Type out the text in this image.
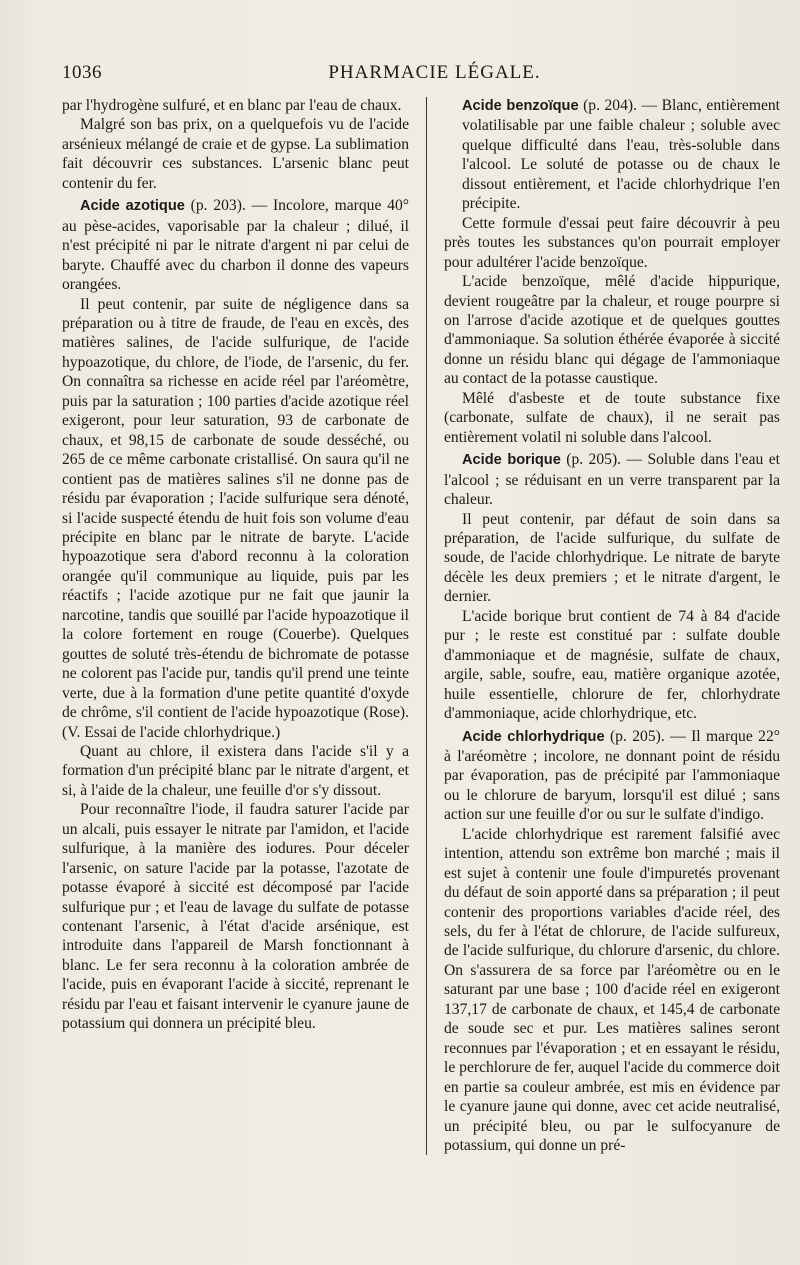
1036	PHARMACIE LÉGALE.

par l'hydrogène sulfuré, et en blanc par l'eau de chaux.

Malgré son bas prix, on a quelquefois vu de l'acide arsénieux mélangé de craie et de gypse. La sublimation fait découvrir ces substances. L'arsenic blanc peut contenir du fer.

Acide azotique (p. 203). — Incolore, marque 40° au pèse-acides, vaporisable par la chaleur ; dilué, il n'est précipité ni par le nitrate d'argent ni par celui de baryte. Chauffé avec du charbon il donne des vapeurs orangées.

Il peut contenir, par suite de négligence dans sa préparation ou à titre de fraude, de l'eau en excès, des matières salines, de l'acide sulfurique, de l'acide hypoazotique, du chlore, de l'iode, de l'arsenic, du fer. On connaîtra sa richesse en acide réel par l'aréomètre, puis par la saturation ; 100 parties d'acide azotique réel exigeront, pour leur saturation, 93 de carbonate de chaux, et 98,15 de carbonate de soude desséché, ou 265 de ce même carbonate cristallisé. On saura qu'il ne contient pas de matières salines s'il ne donne pas de résidu par évaporation ; l'acide sulfurique sera dénoté, si l'acide suspecté étendu de huit fois son volume d'eau précipite en blanc par le nitrate de baryte. L'acide hypoazotique sera d'abord reconnu à la coloration orangée qu'il communique au liquide, puis par les réactifs ; l'acide azotique pur ne fait que jaunir la narcotine, tandis que souillé par l'acide hypoazotique il la colore fortement en rouge (Couerbe). Quelques gouttes de soluté très-étendu de bichromate de potasse ne colorent pas l'acide pur, tandis qu'il prend une teinte verte, due à la formation d'une petite quantité d'oxyde de chrôme, s'il contient de l'acide hypoazotique (Rose). (V. Essai de l'acide chlorhydrique.)

Quant au chlore, il existera dans l'acide s'il y a formation d'un précipité blanc par le nitrate d'argent, et si, à l'aide de la chaleur, une feuille d'or s'y dissout.

Pour reconnaître l'iode, il faudra saturer l'acide par un alcali, puis essayer le nitrate par l'amidon, et l'acide sulfurique, à la manière des iodures. Pour déceler l'arsenic, on sature l'acide par la potasse, l'azotate de potasse évaporé à siccité est décomposé par l'acide sulfurique pur ; et l'eau de lavage du sulfate de potasse contenant l'arsenic, à l'état d'acide arsénique, est introduite dans l'appareil de Marsh fonctionnant à blanc. Le fer sera reconnu à la coloration ambrée de l'acide, puis en évaporant l'acide à siccité, reprenant le résidu par l'eau et faisant intervenir le cyanure jaune de potassium qui donnera un précipité bleu.

Acide benzoïque (p. 204). — Blanc, entièrement volatilisable par une faible chaleur ; soluble avec quelque difficulté dans l'eau, très-soluble dans l'alcool. Le soluté de potasse ou de chaux le dissout entièrement, et l'acide chlorhydrique l'en précipite.

Cette formule d'essai peut faire découvrir à peu près toutes les substances qu'on pourrait employer pour adultérer l'acide benzoïque.

L'acide benzoïque, mêlé d'acide hippurique, devient rougeâtre par la chaleur, et rouge pourpre si on l'arrose d'acide azotique et de quelques gouttes d'ammoniaque. Sa solution éthérée évaporée à siccité donne un résidu blanc qui dégage de l'ammoniaque au contact de la potasse caustique.

Mêlé d'asbeste et de toute substance fixe (carbonate, sulfate de chaux), il ne serait pas entièrement volatil ni soluble dans l'alcool.

Acide borique (p. 205). — Soluble dans l'eau et l'alcool ; se réduisant en un verre transparent par la chaleur.

Il peut contenir, par défaut de soin dans sa préparation, de l'acide sulfurique, du sulfate de soude, de l'acide chlorhydrique. Le nitrate de baryte décèle les deux premiers ; et le nitrate d'argent, le dernier.

L'acide borique brut contient de 74 à 84 d'acide pur ; le reste est constitué par : sulfate double d'ammoniaque et de magnésie, sulfate de chaux, argile, sable, soufre, eau, matière organique azotée, huile essentielle, chlorure de fer, chlorhydrate d'ammoniaque, acide chlorhydrique, etc.

Acide chlorhydrique (p. 205). — Il marque 22° à l'aréomètre ; incolore, ne donnant point de résidu par évaporation, pas de précipité par l'ammoniaque ou le chlorure de baryum, lorsqu'il est dilué ; sans action sur une feuille d'or ou sur le sulfate d'indigo.

L'acide chlorhydrique est rarement falsifié avec intention, attendu son extrême bon marché ; mais il est sujet à contenir une foule d'impuretés provenant du défaut de soin apporté dans sa préparation ; il peut contenir des proportions variables d'acide réel, des sels, du fer à l'état de chlorure, de l'acide sulfureux, de l'acide sulfurique, du chlorure d'arsenic, du chlore. On s'assurera de sa force par l'aréomètre ou en le saturant par une base ; 100 d'acide réel en exigeront 137,17 de carbonate de chaux, et 145,4 de carbonate de soude sec et pur. Les matières salines seront reconnues par l'évaporation ; et en essayant le résidu, le perchlorure de fer, auquel l'acide du commerce doit en partie sa couleur ambrée, est mis en évidence par le cyanure jaune qui donne, avec cet acide neutralisé, un précipité bleu, ou par le sulfocyanure de potassium, qui donne un pré-
